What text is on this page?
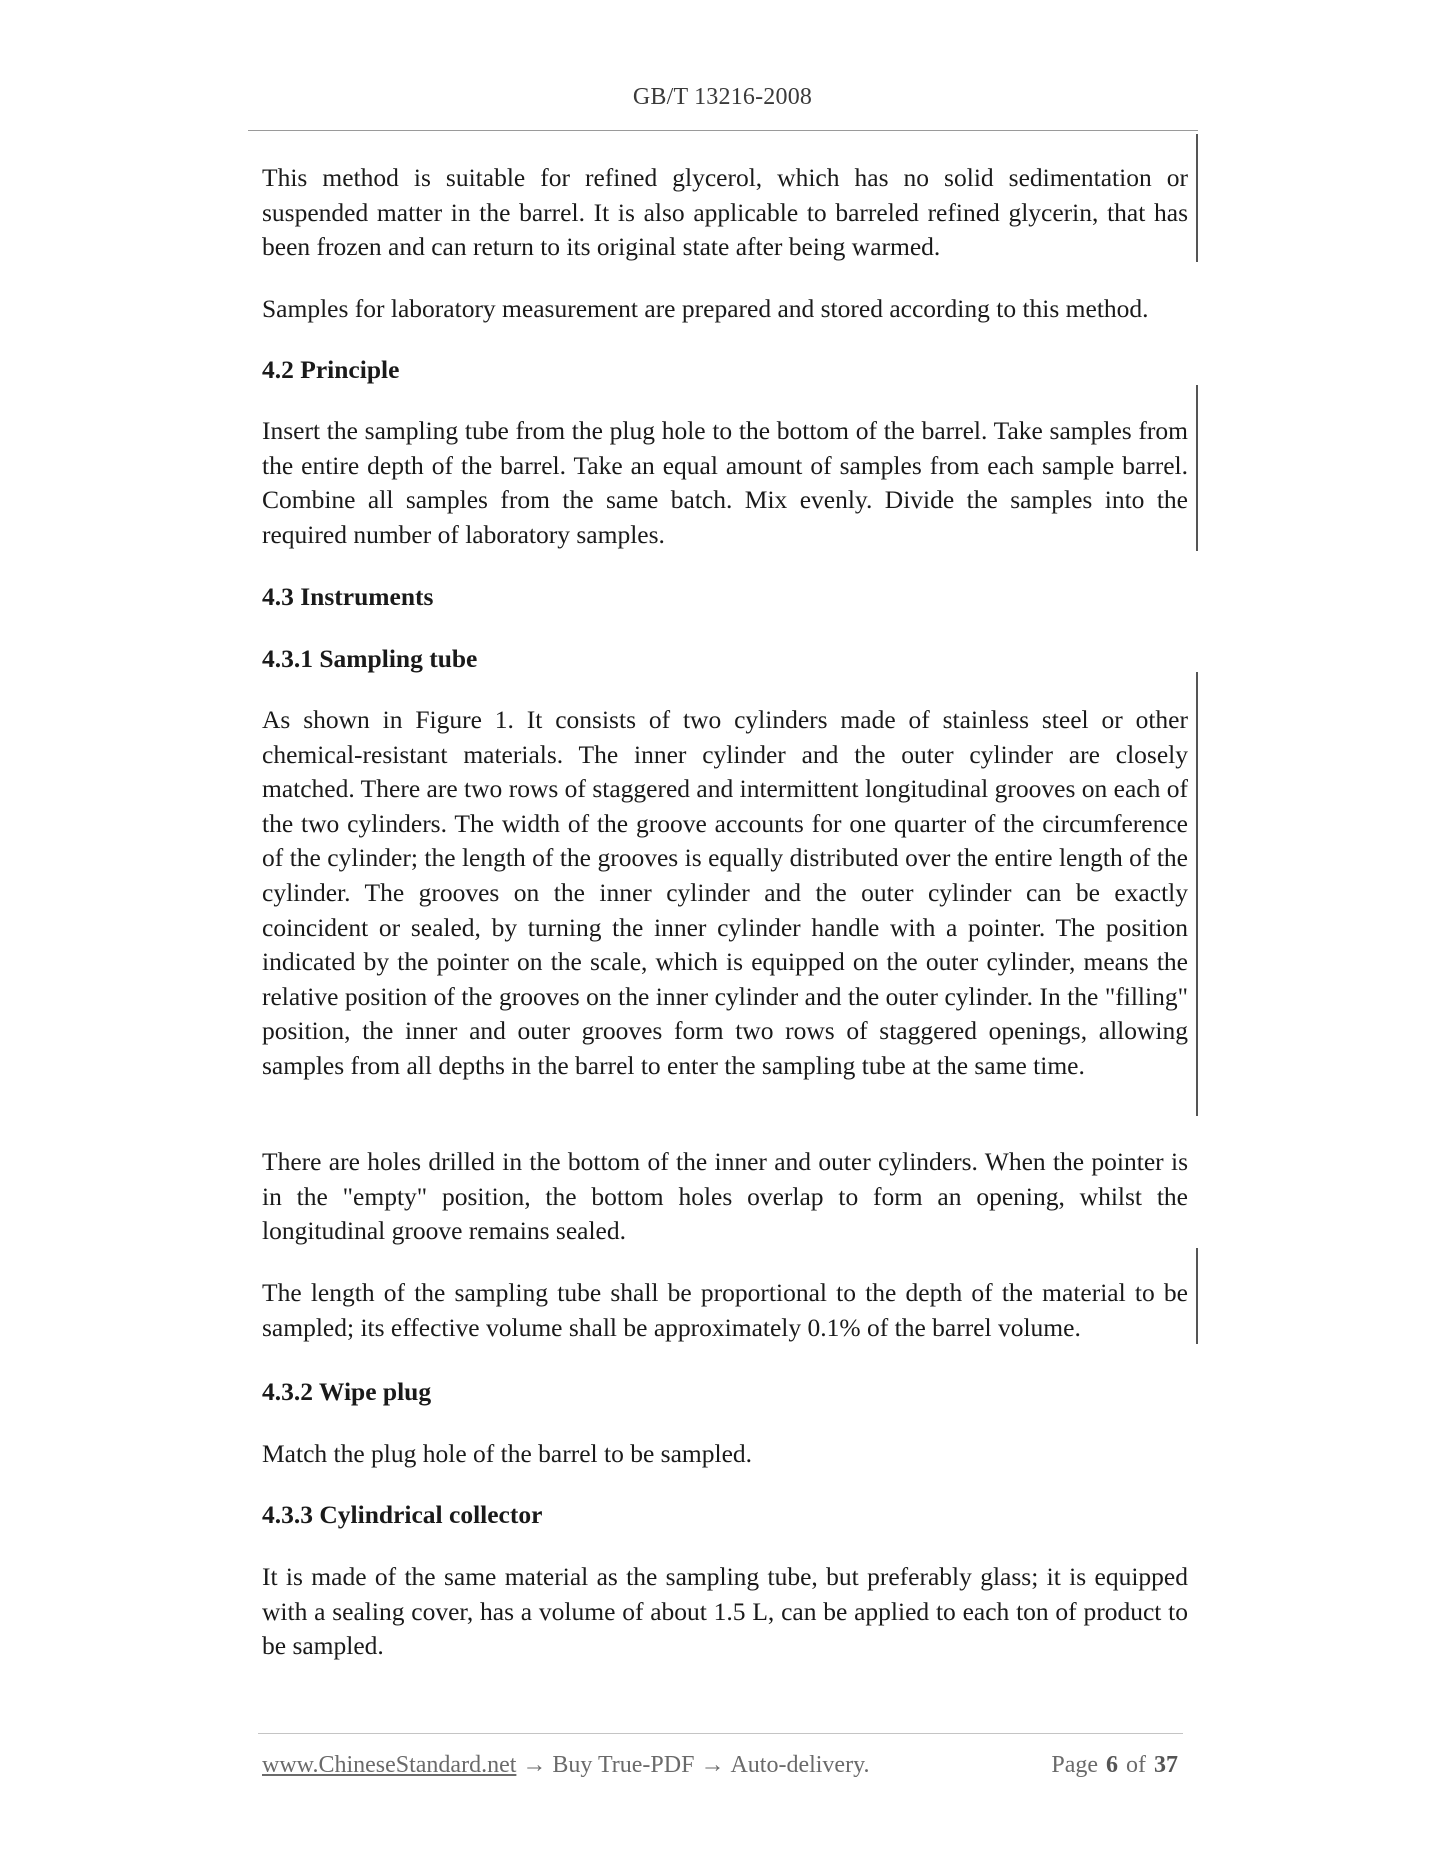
GB/T 13216-2008

This method is suitable for refined glycerol, which has no solid sedimentation or suspended matter in the barrel. It is also applicable to barreled refined glycerin, that has been frozen and can return to its original state after being warmed.

Samples for laboratory measurement are prepared and stored according to this method.

4.2 Principle

Insert the sampling tube from the plug hole to the bottom of the barrel. Take samples from the entire depth of the barrel. Take an equal amount of samples from each sample barrel. Combine all samples from the same batch. Mix evenly. Divide the samples into the required number of laboratory samples.

4.3 Instruments

4.3.1 Sampling tube

As shown in Figure 1. It consists of two cylinders made of stainless steel or other chemical-resistant materials. The inner cylinder and the outer cylinder are closely matched. There are two rows of staggered and intermittent longitudinal grooves on each of the two cylinders. The width of the groove accounts for one quarter of the circumference of the cylinder; the length of the grooves is equally distributed over the entire length of the cylinder. The grooves on the inner cylinder and the outer cylinder can be exactly coincident or sealed, by turning the inner cylinder handle with a pointer. The position indicated by the pointer on the scale, which is equipped on the outer cylinder, means the relative position of the grooves on the inner cylinder and the outer cylinder. In the "filling" position, the inner and outer grooves form two rows of staggered openings, allowing samples from all depths in the barrel to enter the sampling tube at the same time.

There are holes drilled in the bottom of the inner and outer cylinders. When the pointer is in the "empty" position, the bottom holes overlap to form an opening, whilst the longitudinal groove remains sealed.

The length of the sampling tube shall be proportional to the depth of the material to be sampled; its effective volume shall be approximately 0.1% of the barrel volume.

4.3.2 Wipe plug

Match the plug hole of the barrel to be sampled.

4.3.3 Cylindrical collector

It is made of the same material as the sampling tube, but preferably glass; it is equipped with a sealing cover, has a volume of about 1.5 L, can be applied to each ton of product to be sampled.

www.ChineseStandard.net → Buy True-PDF → Auto-delivery.	Page 6 of 37
